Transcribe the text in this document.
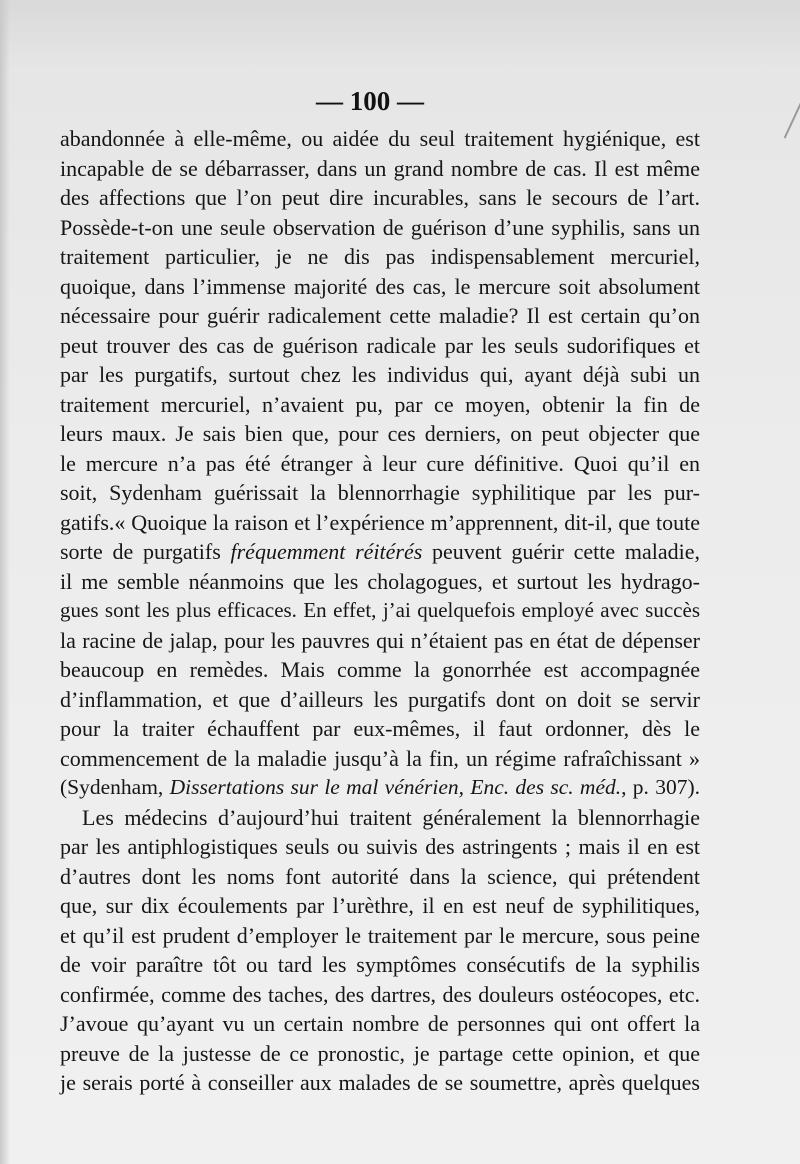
— 100 —
abandonnée à elle-même, ou aidée du seul traitement hygiénique, est
incapable de se débarrasser, dans un grand nombre de cas. Il est même
des affections que l’on peut dire incurables, sans le secours de l’art.
Possède-t-on une seule observation de guérison d’une syphilis, sans un
traitement particulier, je ne dis pas indispensablement mercuriel,
quoique, dans l’immense majorité des cas, le mercure soit absolument
nécessaire pour guérir radicalement cette maladie? Il est certain qu’on
peut trouver des cas de guérison radicale par les seuls sudorifiques et
par les purgatifs, surtout chez les individus qui, ayant déjà subi un
traitement mercuriel, n’avaient pu, par ce moyen, obtenir la fin de
leurs maux. Je sais bien que, pour ces derniers, on peut objecter que
le mercure n’a pas été étranger à leur cure définitive. Quoi qu’il en
soit, Sydenham guérissait la blennorrhagie syphilitique par les pur-
gatifs.« Quoique la raison et l’expérience m’apprennent, dit-il, que toute
sorte de purgatifs fréquemment réitérés peuvent guérir cette maladie,
il me semble néanmoins que les cholagogues, et surtout les hydrago-
gues sont les plus efficaces. En effet, j’ai quelquefois employé avec succès
la racine de jalap, pour les pauvres qui n’étaient pas en état de dépenser
beaucoup en remèdes. Mais comme la gonorrhée est accompagnée
d’inflammation, et que d’ailleurs les purgatifs dont on doit se servir
pour la traiter échauffent par eux-mêmes, il faut ordonner, dès le
commencement de la maladie jusqu’à la fin, un régime rafraîchissant »
(Sydenham, Dissertations sur le mal vénérien, Enc. des sc. méd., p. 307).
Les médecins d’aujourd’hui traitent généralement la blennorrhagie
par les antiphlogistiques seuls ou suivis des astringents ; mais il en est
d’autres dont les noms font autorité dans la science, qui prétendent
que, sur dix écoulements par l’urèthre, il en est neuf de syphilitiques,
et qu’il est prudent d’employer le traitement par le mercure, sous peine
de voir paraître tôt ou tard les symptômes consécutifs de la syphilis
confirmée, comme des taches, des dartres, des douleurs ostéocopes, etc.
J’avoue qu’ayant vu un certain nombre de personnes qui ont offert la
preuve de la justesse de ce pronostic, je partage cette opinion, et que
je serais porté à conseiller aux malades de se soumettre, après quelques
